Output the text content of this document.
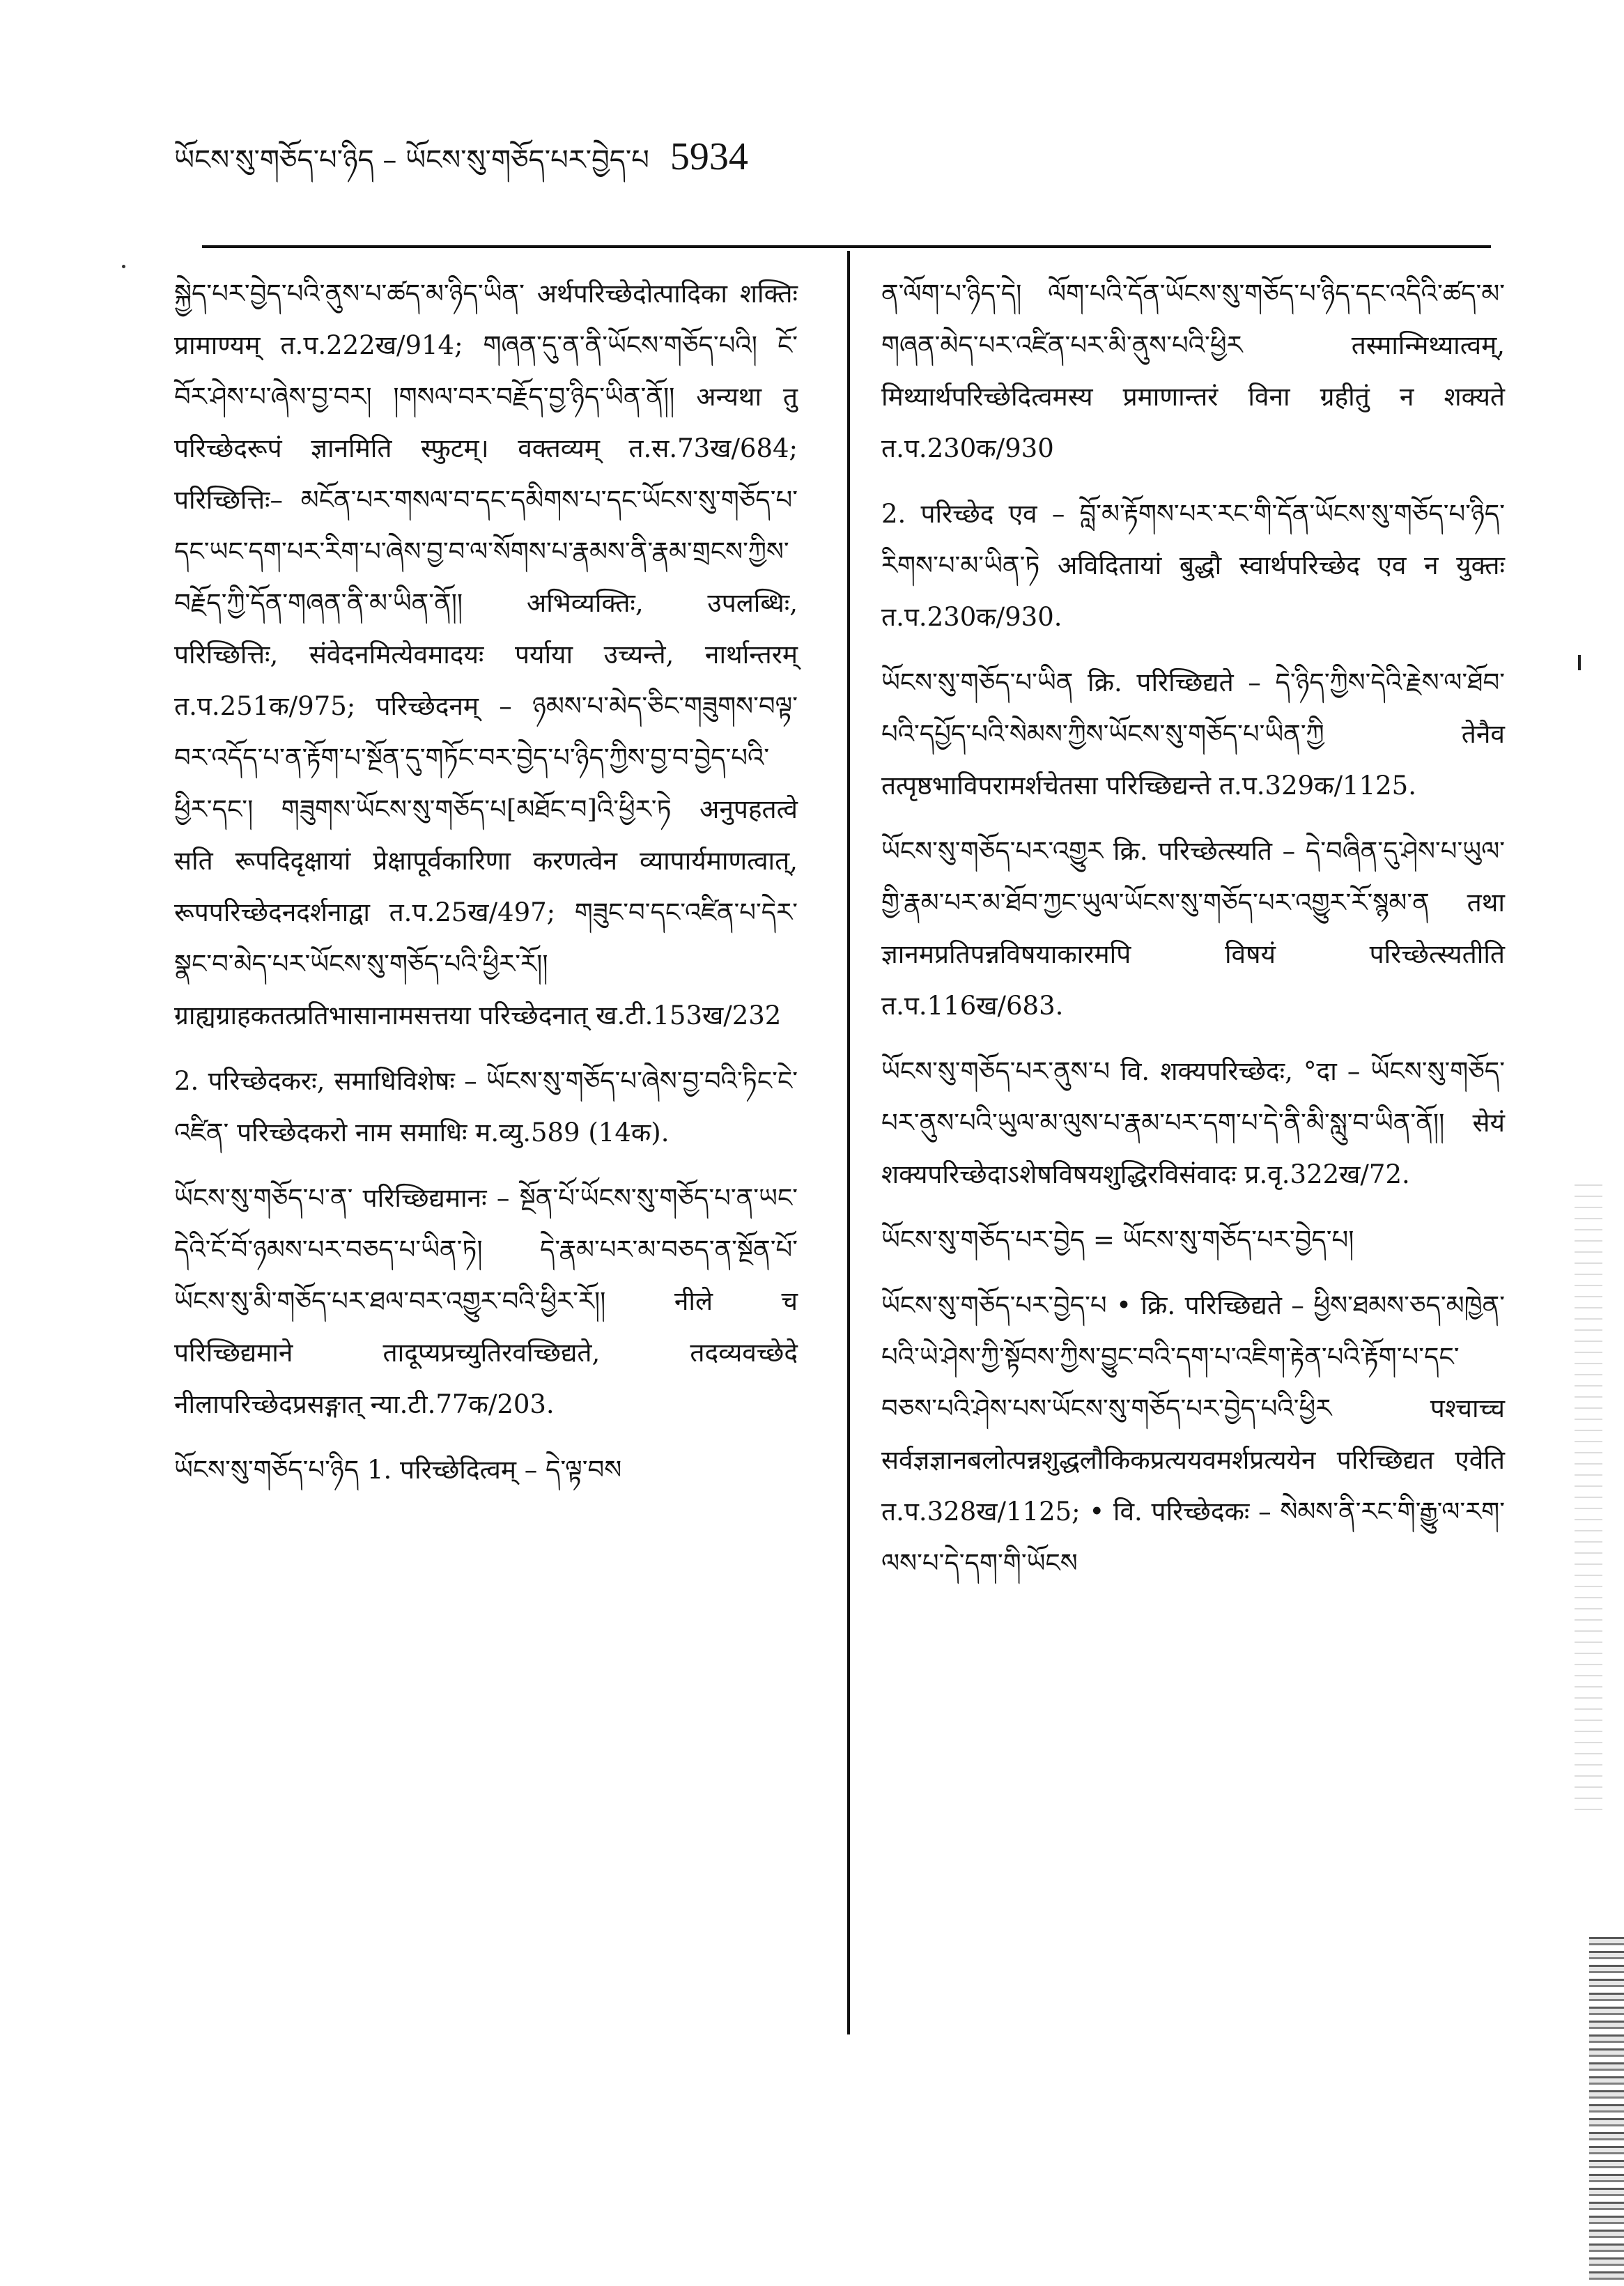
ཡོངས་སུ་གཅོད་པ་ཉིད – ཡོངས་སུ་གཅོད་པར་བྱེད་པ 5934

སྐྱེད་པར་བྱེད་པའི་ནུས་པ་ཚད་མ་ཉིད་ཡིན་ अर्थपरिच्छेदोत्पादिका शक्तिः प्रामाण्यम् त.प.222ख/914; གཞན་དུ་ན་ནི་ཡོངས་གཅོད་པའི། ངོ་བོར་ཤེས་པ་ཞེས་བྱ་བར། །གསལ་བར་བརྗོད་བྱ་ཉིད་ཡིན་ནོ།། अन्यथा तु परिच्छेदरूपं ज्ञानमिति स्फुटम्। वक्तव्यम् त.स.73ख/684; परिच्छित्तिः– མངོན་པར་གསལ་བ་དང་དམིགས་པ་དང་ཡོངས་སུ་གཅོད་པ་དང་ཡང་དག་པར་རིག་པ་ཞེས་བྱ་བ་ལ་སོགས་པ་རྣམས་ནི་རྣམ་གྲངས་ཀྱིས་བརྗོད་ཀྱི་དོན་གཞན་ནི་མ་ཡིན་ནོ།། अभिव्यक्तिः, उपलब्धिः, परिच्छित्तिः, संवेदनमित्येवमादयः पर्याया उच्यन्ते, नार्थान्तरम् त.प.251क/975; परिच्छेदनम् – ཉམས་པ་མེད་ཅིང་གཟུགས་བལྟ་བར་འདོད་པ་ན་རྟོག་པ་སྔོན་དུ་གཏོང་བར་བྱེད་པ་ཉིད་ཀྱིས་བྱ་བ་བྱེད་པའི་ཕྱིར་དང་། གཟུགས་ཡོངས་སུ་གཅོད་པ[མཐོང་བ]འི་ཕྱིར་ཏེ अनुपहतत्वे सति रूपदिदृक्षायां प्रेक्षापूर्वकारिणा करणत्वेन व्यापार्यमाणत्वात्, रूपपरिच्छेदनदर्शनाद्वा त.प.25ख/497; གཟུང་བ་དང་འཛིན་པ་དེར་སྣང་བ་མེད་པར་ཡོངས་སུ་གཅོད་པའི་ཕྱིར་རོ།། ग्राह्यग्राहकतत्प्रतिभासानामसत्तया परिच्छेदनात् ख.टी.153ख/232

2. परिच्छेदकरः, समाधिविशेषः – ཡོངས་སུ་གཅོད་པ་ཞེས་བྱ་བའི་ཏིང་ངེ་འཛིན་ परिच्छेदकरो नाम समाधिः म.व्यु.589 (14क).

ཡོངས་སུ་གཅོད་པ་ན་ परिच्छिद्यमानः – སྔོན་པོ་ཡོངས་སུ་གཅོད་པ་ན་ཡང་དེའི་ངོ་བོ་ཉམས་པར་བཅད་པ་ཡིན་ཏེ། དེ་རྣམ་པར་མ་བཅད་ན་སྔོན་པོ་ཡོངས་སུ་མི་གཅོད་པར་ཐལ་བར་འགྱུར་བའི་ཕྱིར་རོ།། नीले च परिच्छिद्यमाने तादूप्यप्रच्युतिरवच्छिद्यते, तदव्यवच्छेदे नीलापरिच्छेदप्रसङ्गात् न्या.टी.77क/203.

ཡོངས་སུ་གཅོད་པ་ཉིད 1. परिच्छेदित्वम् – དེ་ལྟ་བས

ན་ལོག་པ་ཉིད་དེ། ལོག་པའི་དོན་ཡོངས་སུ་གཅོད་པ་ཉིད་དང་འདིའི་ཚད་མ་གཞན་མེད་པར་འཛིན་པར་མི་ནུས་པའི་ཕྱིར तस्मान्मिथ्यात्वम्, मिथ्यार्थपरिच्छेदित्वमस्य प्रमाणान्तरं विना ग्रहीतुं न शक्यते त.प.230क/930

2. परिच्छेद एव – བློ་མ་རྟོགས་པར་རང་གི་དོན་ཡོངས་སུ་གཅོད་པ་ཉིད་རིགས་པ་མ་ཡིན་ཏེ अविदितायां बुद्धौ स्वार्थपरिच्छेद एव न युक्तः त.प.230क/930.

ཡོངས་སུ་གཅོད་པ་ཡིན क्रि. परिच्छिद्यते – དེ་ཉིད་ཀྱིས་དེའི་རྗེས་ལ་ཐོབ་པའི་དཔྱོད་པའི་སེམས་ཀྱིས་ཡོངས་སུ་གཅོད་པ་ཡིན་ཀྱི तेनैव तत्पृष्ठभाविपरामर्शचेतसा परिच्छिद्यन्ते त.प.329क/1125.

ཡོངས་སུ་གཅོད་པར་འགྱུར क्रि. परिच्छेत्स्यति – དེ་བཞིན་དུ་ཤེས་པ་ཡུལ་གྱི་རྣམ་པར་མ་ཐོབ་ཀྱང་ཡུལ་ཡོངས་སུ་གཅོད་པར་འགྱུར་རོ་སྙམ་ན तथा ज्ञानमप्रतिपन्नविषयाकारमपि विषयं परिच्छेत्स्यतीति त.प.116ख/683.

ཡོངས་སུ་གཅོད་པར་ནུས་པ वि. शक्यपरिच्छेदः, °दा – ཡོངས་སུ་གཅོད་པར་ནུས་པའི་ཡུལ་མ་ལུས་པ་རྣམ་པར་དག་པ་དེ་ནི་མི་སླུ་བ་ཡིན་ནོ།། सेयं शक्यपरिच्छेदाऽशेषविषयशुद्धिरविसंवादः प्र.वृ.322ख/72.

ཡོངས་སུ་གཅོད་པར་བྱེད = ཡོངས་སུ་གཅོད་པར་བྱེད་པ།

ཡོངས་སུ་གཅོད་པར་བྱེད་པ • क्रि. परिच्छिद्यते – ཕྱིས་ཐམས་ཅད་མཁྱེན་པའི་ཡེ་ཤེས་ཀྱི་སྟོབས་ཀྱིས་བྱུང་བའི་དག་པ་འཇིག་རྟེན་པའི་རྟོག་པ་དང་བཅས་པའི་ཤེས་པས་ཡོངས་སུ་གཅོད་པར་བྱེད་པའི་ཕྱིར पश्चाच्च सर्वज्ञज्ञानबलोत्पन्नशुद्धलौकिकप्रत्ययवमर्शप्रत्ययेन परिच्छिद्यत एवेति त.प.328ख/1125; • वि. परिच्छेदकः – སེམས་ནི་རང་གི་རྒྱུ་ལ་རག་ལས་པ་དེ་དག་གི་ཡོངས
